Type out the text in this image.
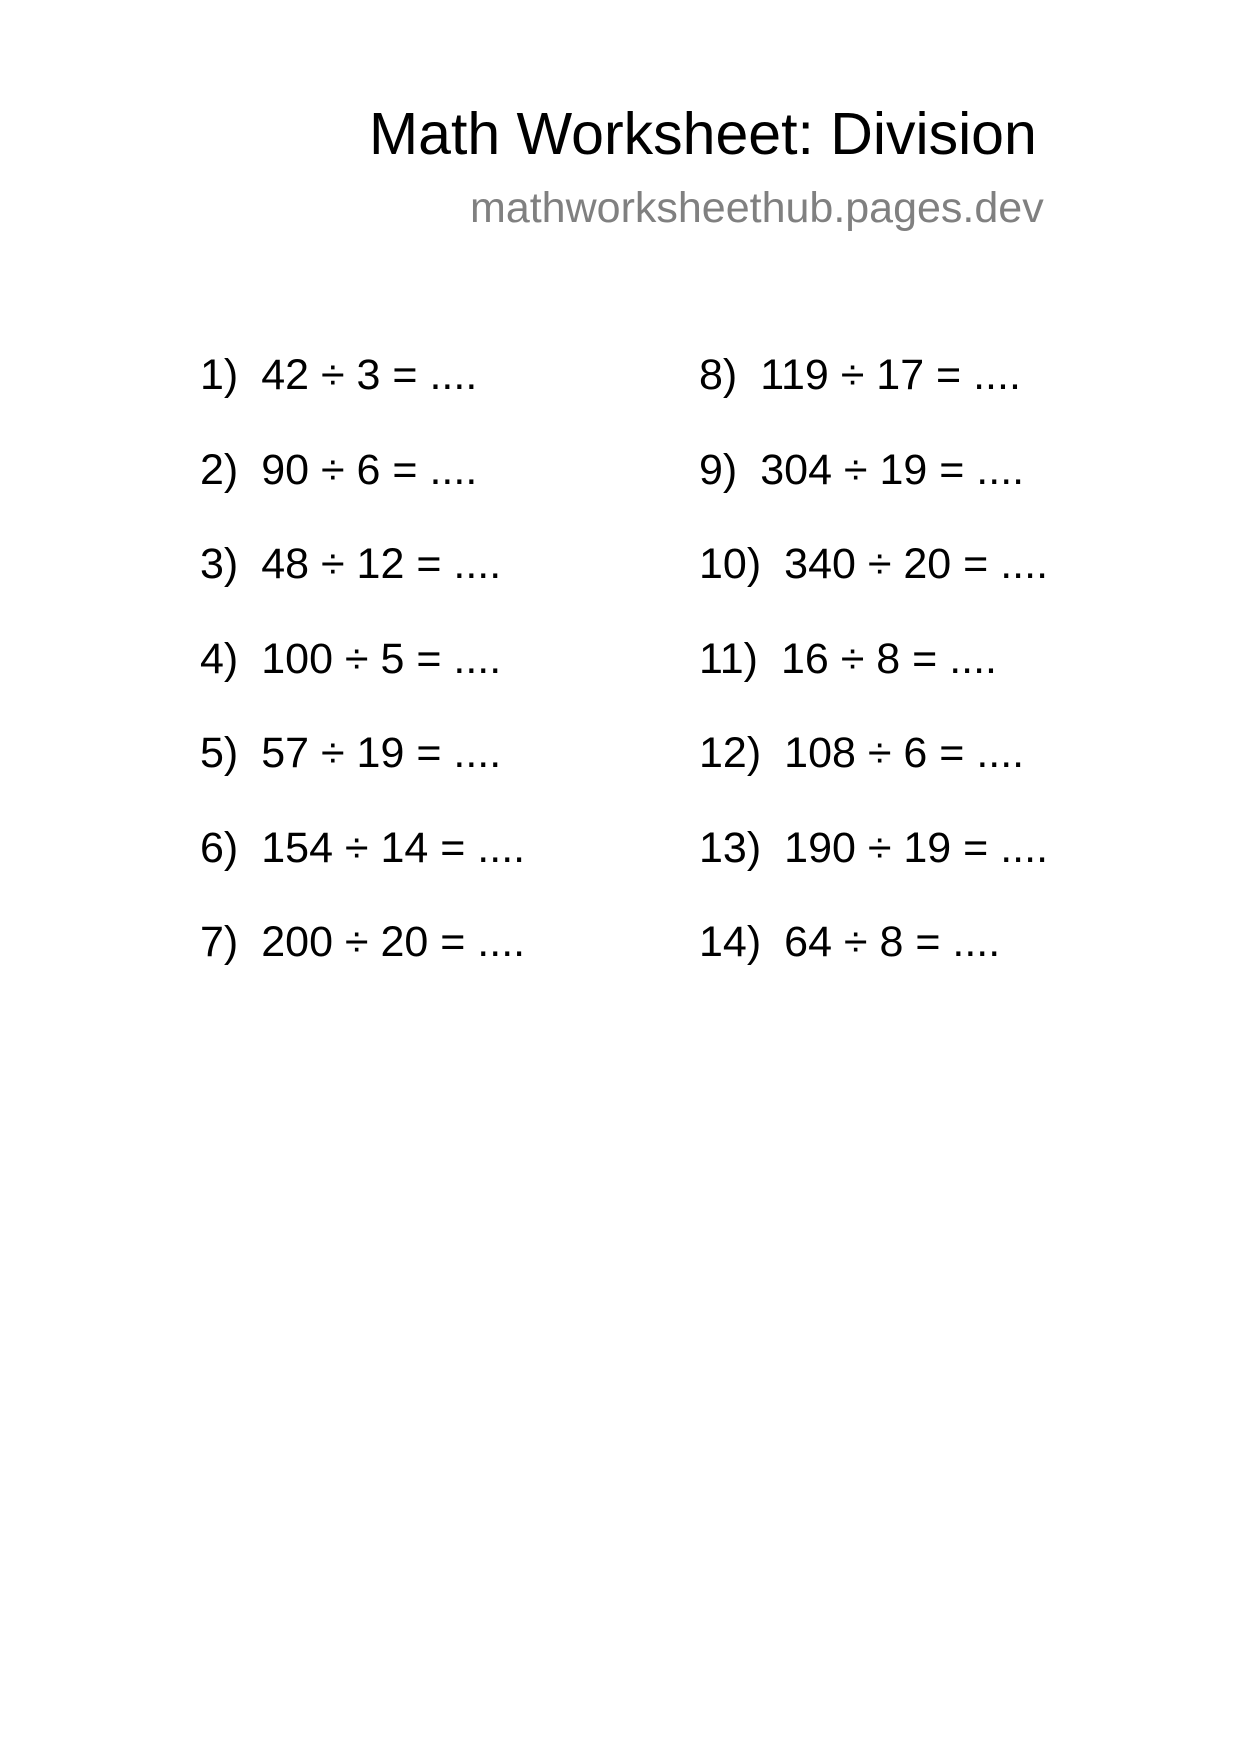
Math Worksheet: Division
mathworksheethub.pages.dev
1) 42 ÷ 3 = ....
2) 90 ÷ 6 = ....
3) 48 ÷ 12 = ....
4) 100 ÷ 5 = ....
5) 57 ÷ 19 = ....
6) 154 ÷ 14 = ....
7) 200 ÷ 20 = ....
8) 119 ÷ 17 = ....
9) 304 ÷ 19 = ....
10) 340 ÷ 20 = ....
11) 16 ÷ 8 = ....
12) 108 ÷ 6 = ....
13) 190 ÷ 19 = ....
14) 64 ÷ 8 = ....
